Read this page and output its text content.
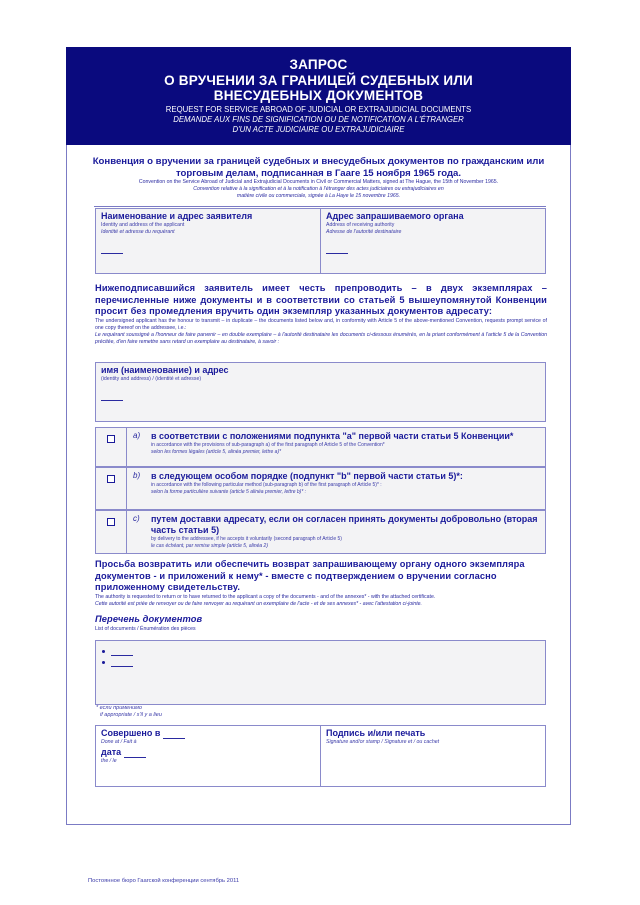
ЗАПРОС
О ВРУЧЕНИИ ЗА ГРАНИЦЕЙ СУДЕБНЫХ ИЛИ
ВНЕСУДЕБНЫХ ДОКУМЕНТОВ
REQUEST FOR SERVICE ABROAD OF JUDICIAL OR EXTRAJUDICIAL DOCUMENTS
DEMANDE AUX FINS DE SIGNIFICATION OU DE NOTIFICATION A L'ÉTRANGER
D'UN ACTE JUDICIAIRE OU EXTRAJUDICIAIRE
Конвенция о вручении за границей судебных и внесудебных документов по гражданским или торговым делам, подписанная в Гааге 15 ноября 1965 года.
Convention on the Service Abroad of Judicial and Extrajudicial Documents in Civil or Commercial Matters, signed at The Hague, the 15th of November 1965.
Convention relative à la signification et à la notification à l'étranger des actes judiciaires ou extrajudiciaires en
matière civile ou commerciale, signée à La Haye le 15 novembre 1965.
Наименование и адрес заявителя
Identity and address of the applicant
Identité et adresse du requérant
Адрес запрашиваемого органа
Address of receiving authority
Adresse de l'autorité destinataire
Нижеподписавшийся заявитель имеет честь препроводить – в двух экземплярах – перечисленные ниже документы и в соответствии со статьей 5 вышеупомянутой Конвенции просит без промедления вручить один экземпляр указанных документов адресату:
The undersigned applicant has the honour to transmit – in duplicate – the documents listed below and, in conformity with Article 5 of the above-mentioned Convention, requests prompt service of one copy thereof on the addressee, i.e.:
Le requérant soussigné a l'honneur de faire parvenir – en double exemplaire – à l'autorité destinataire les documents ci-dessous énumérés, en la priant conformément à l'article 5 de la Convention précitée, d'en faire remettre sans retard un exemplaire au destinataire, à savoir :
имя (наименование) и адрес
(identity and address) / (identité et adresse)
a) в соответствии с положениями подпункта "a" первой части статьи 5 Конвенции*
in accordance with the provisions of sub-paragraph a) of the first paragraph of Article 5 of the Convention*
selon les formes légales (article 5, alinéa premier, lettre a)*
b) в следующем особом порядке (подпункт "b" первой части статьи 5)*:
in accordance with the following particular method (sub-paragraph b) of the first paragraph of Article 5)* :
selon la forme particulière suivante (article 5 alinéa premier, lettre b)* :
c) путем доставки адресату, если он согласен принять документы добровольно (вторая часть статьи 5)
by delivery to the addressee, if he accepts it voluntarily (second paragraph of Article 5)
le cas échéant, par remise simple (article 5, alinéa 2)
Просьба возвратить или обеспечить возврат запрашивающему органу одного экземпляра документов - и приложений к нему* - вместе с подтверждением о вручении согласно приложенному свидетельству.
The authority is requested to return or to have returned to the applicant a copy of the documents - and of the annexes* - with the attached certificate.
Cette autorité est priée de renvoyer ou de faire renvoyer au requérant un exemplaire de l'acte - et de ses annexes* - avec l'attestation ci-jointe.
Перечень документов
List of documents / Énumération des pièces
* если применимо
if appropriate / s'il y a lieu
Совершено в
Done at / Fait à
дата
the / le
Подпись и/или печать
Signature and/or stamp / Signature et / ou cachet
Постоянное бюро Гаагской конференции сентябрь 2011
